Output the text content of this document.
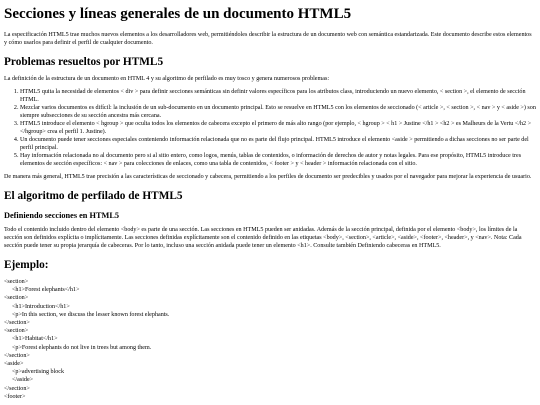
Secciones y líneas generales de un documento HTML5

La especificación HTML5 trae muchos nuevos elementos a los desarrolladores web, permitiéndoles describir la estructura de un documento web con semántica estandarizada. Este documento describe estos elementos y cómo usarlos para definir el perfil de cualquier documento.

Problemas resueltos por HTML5

La definición de la estructura de un documento en HTML 4 y su algoritmo de perfilado es muy tosco y genera numerosos problemas:

1. HTML5 quita la necesidad de elementos < div > para definir secciones semánticas sin definir valores específicos para los atributos class, introduciendo un nuevo elemento, < section >, el elemento de sección HTML.
2. Mezclar varios documentos es difícil: la inclusión de un sub-documento en un documento principal. Esto se resuelve en HTML5 con los elementos de seccionado (< article >, < section >, < nav > y < aside >) son siempre subsecciones de su sección ancestra más cercana.
3. HTML5 introduce el elemento < hgroup > que oculta todos los elementos de cabecera excepto el primero de más alto rango (por ejemplo, < hgroup > < h1 > Justine </h1 > <h2 > es Malheurs de la Vertu </h2 > </hgroup> crea el perfil 1. Justine).
4. Un documento puede tener secciones especiales conteniendo información relacionada que no es parte del flujo principal. HTML5 introduce el elemento <aside > permitiendo a dichas secciones no ser parte del perfil principal.
5. Hay información relacionada no al documento pero si al sitio entero, como logos, menús, tablas de contenidos, o información de derechos de autor y notas legales. Para ese propósito, HTML5 introduce tres elementos de sección específicos: < nav > para colecciones de enlaces, como una tabla de contenidos, < footer > y < header > información relacionada con el sitio.

De manera más general, HTML5 trae precisión a las características de seccionado y cabecera, permitiendo a los perfiles de documento ser predecibles y usados por el navegador para mejorar la experiencia de usuario.

El algoritmo de perfilado de HTML5
Definiendo secciones en HTML5

Todo el contenido incluido dentro del elemento <body> es parte de una sección. Las secciones en HTML5 pueden ser anidadas. Además de la sección principal, definida por el elemento <body>, los límites de la sección son definidos explícita o implícitamente. Las secciones definidas explícitamente son el contenido definido en las etiquetas <body>, <section>, <article>, <aside>, <footer>, <header>, y <nav>. Nota: Cada sección puede tener su propia jerarquía de cabeceras. Por lo tanto, incluso una sección anidada puede tener un elemento <h1>. Consulte también Definiendo cabeceras en HTML5.

Ejemplo:
<section>
<h1>Forest elephants</h1>
<section>
<h1>Introduction</h1>
<p>In this section, we discuss the lesser known forest elephants.
</section>
<section>
<h1>Habitat</h1>
<p>Forest elephants do not live in trees but among them.
</section>
<aside>
<p>advertising block
</aside>
</section>
<footer>
